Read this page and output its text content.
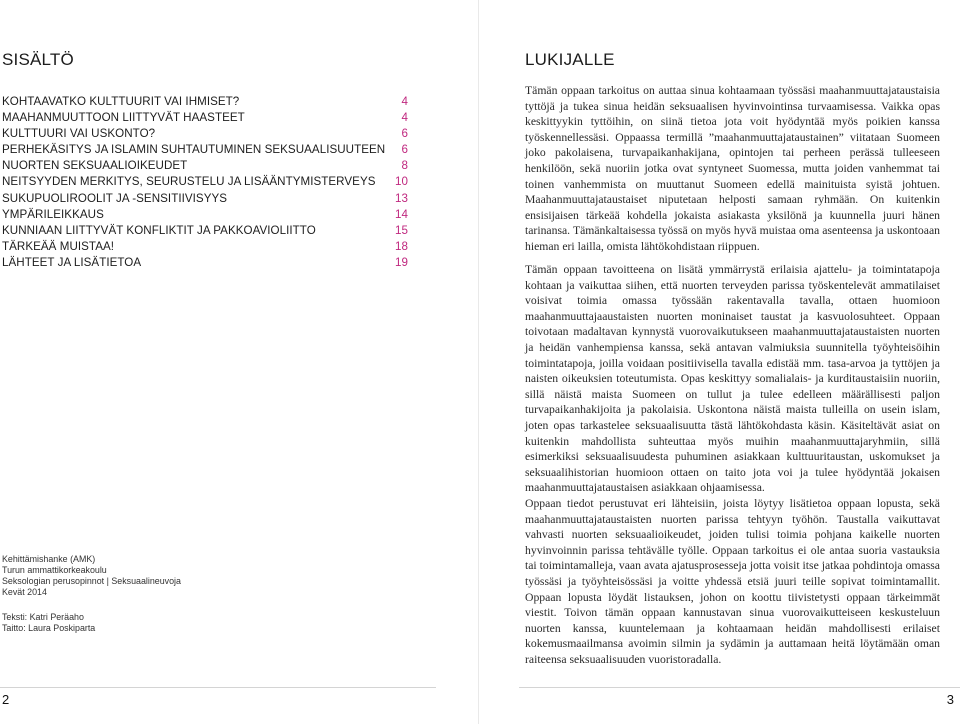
SISÄLTÖ
KOHTAAVATKO KULTTUURIT VAI IHMISET?	4
MAAHANMUUTTOON LIITTYVÄT HAASTEET	4
KULTTUURI VAI USKONTO?	6
PERHEKÄSITYS JA ISLAMIN SUHTAUTUMINEN SEKSUAALISUUTEEN	6
NUORTEN SEKSUAALIOIKEUDET	8
NEITSYYDEN MERKITYS, SEURUSTELU JA LISÄÄNTYMISTERVEYS 10
SUKUPUOLIROOLIT JA -SENSITIIVISYYS	13
YMPÄRILEIKKAUS	14
KUNNIAAN LIITTYVÄT KONFLIKTIT JA PAKKOAVIOLIITTO	15
TÄRKEÄÄ MUISTAA!	18
LÄHTEET JA LISÄTIETOA	19
Kehittämishanke (AMK)
Turun ammattikorkeakoulu
Seksologian perusopinnot | Seksuaalineuvoja
Kevät 2014
Teksti: Katri Peräaho
Taitto: Laura Poskiparta
2
LUKIJALLE

Tämän oppaan tarkoitus on auttaa sinua kohtaamaan työssäsi maahanmuuttajataustaisia tyttöjä ja tukea sinua heidän seksuaalisen hyvinvointinsa turvaamisessa. Vaikka opas keskittyykin tyttöihin, on siinä tietoa jota voit hyödyntää myös poikien kanssa työskennellessäsi. Oppaassa termillä ”maahanmuuttajataustainen” viitataan Suomeen joko pakolaisena, turvapaikanhakijana, opintojen tai perheen perässä tulleeseen henkilöön, sekä nuoriin jotka ovat syntyneet Suomessa, mutta joiden vanhemmat tai toinen vanhemmista on muuttanut Suomeen edellä mainituista syistä johtuen. Maahanmuuttajataustaiset niputetaan helposti samaan ryhmään. On kuitenkin ensisijaisen tärkeää kohdella jokaista asiakasta yksilönä ja kuunnella juuri hänen tarinansa. Tämänkaltaisessa työssä on myös hyvä muistaa oma asenteensa ja uskontoaan hieman eri lailla, omista lähtökohdistaan riippuen.

Tämän oppaan tavoitteena on lisätä ymmärrystä erilaisia ajattelu- ja toimintatapoja kohtaan ja vaikuttaa siihen, että nuorten terveyden parissa työskentelevät ammatilaiset voisivat toimia omassa työssään rakentavalla tavalla, ottaen huomioon maahanmuuttajaaustaisten nuorten moninaiset taustat ja kasvuolosuhteet. Oppaan toivotaan madaltavan kynnystä vuorovaikutukseen maahanmuuttajataustaisten nuorten ja heidän vanhempiensa kanssa, sekä antavan valmiuksia suunnitella työyhteisöihin toimintatapoja, joilla voidaan positiivisella tavalla edistää mm. tasa-arvoa ja tyttöjen ja naisten oikeuksien toteutumista. Opas keskittyy somalialais- ja kurditaustaisiin nuoriin, sillä näistä maista Suomeen on tullut ja tulee edelleen määrällisesti paljon turvapaikanhakijoita ja pakolaisia. Uskontona näistä maista tulleilla on usein islam, joten opas tarkastelee seksuaalisuutta tästä lähtökohdasta käsin. Käsiteltävät asiat on kuitenkin mahdollista suhteuttaa myös muihin maahanmuuttajaryhmiin, sillä esimerkiksi seksuaalisuudesta puhuminen asiakkaan kulttuuritaustan, uskomukset ja seksuaalihistorian huomioon ottaen on taito jota voi ja tulee hyödyntää jokaisen maahanmuuttajataustaisen asiakkaan ohjaamisessa.

Oppaan tiedot perustuvat eri lähteisiin, joista löytyy lisätietoa oppaan lopusta, sekä maahanmuuttajataustaisten nuorten parissa tehtyyn työhön. Taustalla vaikuttavat vahvasti nuorten seksuaalioikeudet, joiden tulisi toimia pohjana kaikelle nuorten hyvinvoinnin parissa tehtävälle työlle. Oppaan tarkoitus ei ole antaa suoria vastauksia tai toimintamalleja, vaan avata ajatusprosesseja jotta voisit itse jatkaa pohdintoja omassa työssäsi ja työyhteisössäsi ja voitte yhdessä etsiä juuri teille sopivat toimintamallit. Oppaan lopusta löydät listauksen, johon on koottu tiivistetysti oppaan tärkeimmät viestit. Toivon tämän oppaan kannustavan sinua vuorovaikutteiseen keskusteluun nuorten kanssa, kuuntelemaan ja kohtaamaan heidän mahdollisesti erilaiset kokemusmaailmansa avoimin silmin ja sydämin ja auttamaan heitä löytämään oman raiteensa seksuaalisuuden vuoristoradalla.

3
